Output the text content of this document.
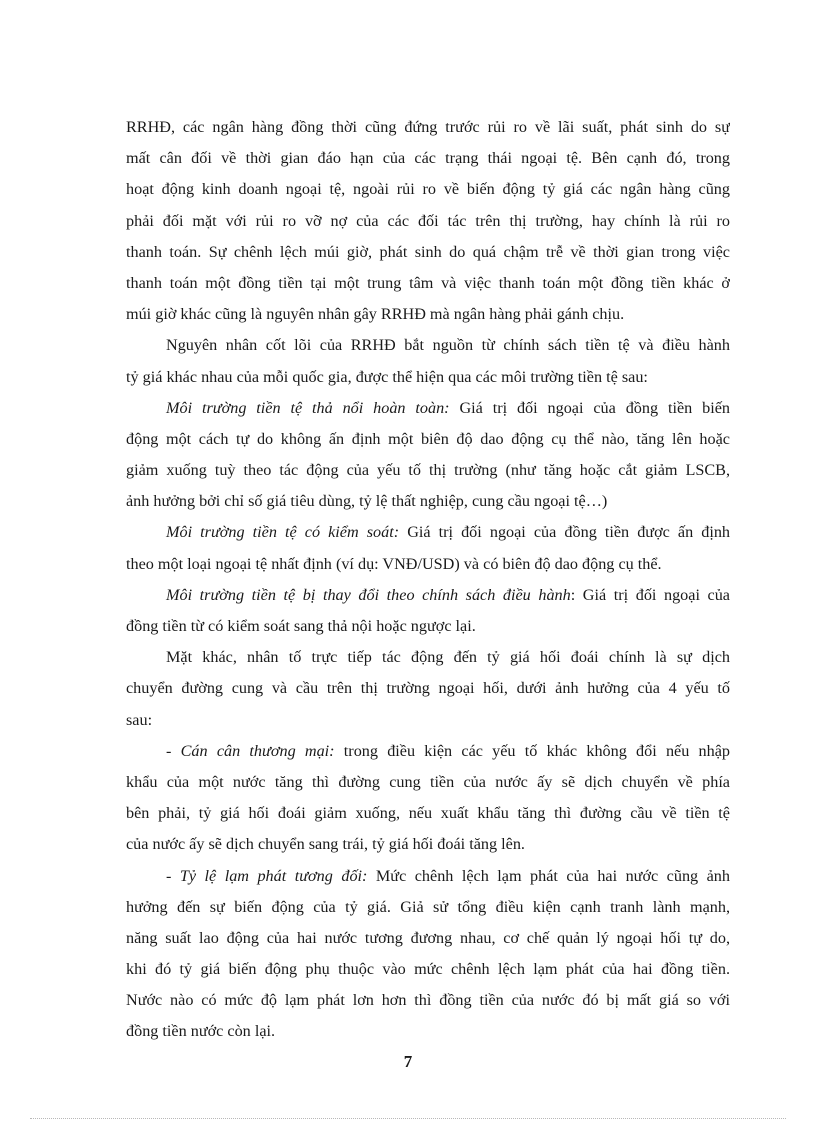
RRHĐ, các ngân hàng đồng thời cũng đứng trước rủi ro về lãi suất, phát sinh do sự
mất cân đối về thời gian đáo hạn của các trạng thái ngoại tệ. Bên cạnh đó, trong
hoạt động kinh doanh ngoại tệ, ngoài rủi ro về biến động tỷ giá các ngân hàng cũng
phải đối mặt với rủi ro vỡ nợ của các đối tác trên thị trường, hay chính là rủi ro
thanh toán. Sự chênh lệch múi giờ, phát sinh do quá chậm trễ về thời gian trong việc
thanh toán một đồng tiền tại một trung tâm và việc thanh toán một đồng tiền khác ở
múi giờ khác cũng là nguyên nhân gây RRHĐ mà ngân hàng phải gánh chịu.
Nguyên nhân cốt lõi của RRHĐ bắt nguồn từ chính sách tiền tệ và điều hành
tỷ giá khác nhau của mỗi quốc gia, được thể hiện qua các môi trường tiền tệ sau:
Môi trường tiền tệ thả nổi hoàn toàn: Giá trị đối ngoại của đồng tiền biến
động một cách tự do không ấn định một biên độ dao động cụ thể nào, tăng lên hoặc
giảm xuống tuỳ theo tác động của yếu tố thị trường (như tăng hoặc cắt giảm LSCB,
ảnh hưởng bởi chỉ số giá tiêu dùng, tỷ lệ thất nghiệp, cung cầu ngoại tệ…)
Môi trường tiền tệ có kiểm soát: Giá trị đối ngoại của đồng tiền được ấn định
theo một loại ngoại tệ nhất định (ví dụ: VNĐ/USD) và có biên độ dao động cụ thể.
Môi trường tiền tệ bị thay đổi theo chính sách điều hành: Giá trị đối ngoại của
đồng tiền từ có kiểm soát sang thả nội hoặc ngược lại.
Mặt khác, nhân tố trực tiếp tác động đến tỷ giá hối đoái chính là sự dịch
chuyển đường cung và cầu trên thị trường ngoại hối, dưới ảnh hưởng của 4 yếu tố
sau:
- Cán cân thương mại: trong điều kiện các yếu tố khác không đổi nếu nhập
khẩu của một nước tăng thì đường cung tiền của nước ấy sẽ dịch chuyển về phía
bên phải, tỷ giá hối đoái giảm xuống, nếu xuất khẩu tăng thì đường cầu về tiền tệ
của nước ấy sẽ dịch chuyển sang trái, tỷ giá hối đoái tăng lên.
- Tỷ lệ lạm phát tương đối: Mức chênh lệch lạm phát của hai nước cũng ảnh
hưởng đến sự biến động của tỷ giá. Giả sử tổng điều kiện cạnh tranh lành mạnh,
năng suất lao động của hai nước tương đương nhau, cơ chế quản lý ngoại hối tự do,
khi đó tỷ giá biến động phụ thuộc vào mức chênh lệch lạm phát của hai đồng tiền.
Nước nào có mức độ lạm phát lơn hơn thì đồng tiền của nước đó bị mất giá so với
đồng tiền nước còn lại.
7
